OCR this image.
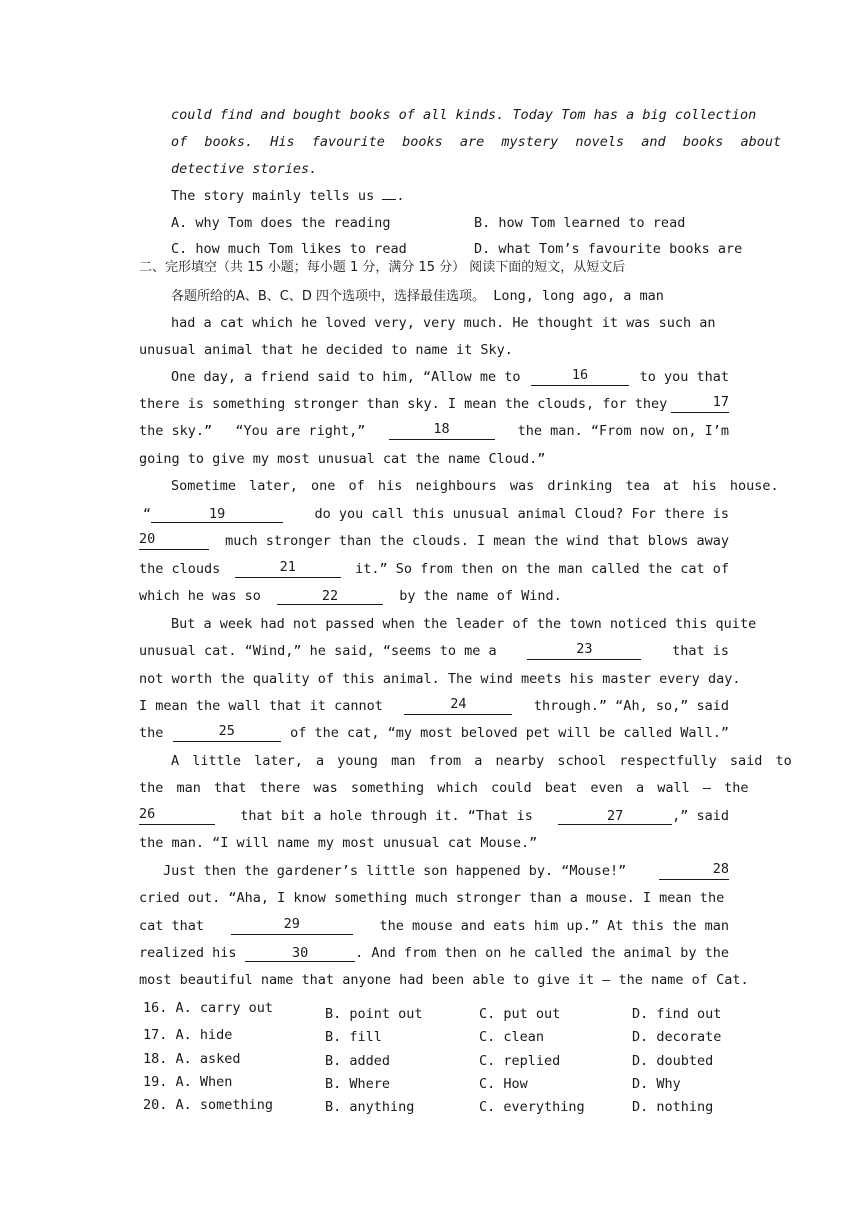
could find and bought books of all kinds. Today Tom has a big collection
of books. His favourite books are mystery novels and books about
detective stories.
The story mainly tells us .
A. why Tom does the reading	B. how Tom learned to read
C. how much Tom likes to read	D. what Tom’s favourite books are
二、完形填空（共 15 小题；每小题 1 分，满分 15 分） 阅读下面的短文，从短文后
各题所给的A、B、C、D 四个选项中，选择最佳选项。 Long, long ago, a man
had a cat which he loved very, very much. He thought it was such an
unusual animal that he decided to name it Sky.
One day, a friend said to him, “Allow me to	16	to you that
there is something stronger than sky. I mean the clouds, for they	17
the sky.” “You are right,”	18	the man. “From now on, I’m
going to give my most unusual cat the name Cloud.”
Sometime later, one of his neighbours was drinking tea at his house.
“	19	do you call this unusual animal Cloud? For there is
20	much stronger than the clouds. I mean the wind that blows away
the clouds	21	it.” So from then on the man called the cat of
which he was so	22	by the name of Wind.
But a week had not passed when the leader of the town noticed this quite
unusual cat. “Wind,” he said, “seems to me a	23	that is
not worth the quality of this animal. The wind meets his master every day.
I mean the wall that it cannot	24	through.” “Ah, so,” said
the	25	of the cat, “my most beloved pet will be called Wall.”
A little later, a young man from a nearby school respectfully said to
the man that there was something which could beat even a wall — the
26	that bit a hole through it. “That is	27	,” said
the man. “I will name my most unusual cat Mouse.”
Just then the gardener’s little son happened by. “Mouse!”	28
cried out. “Aha, I know something much stronger than a mouse. I mean the
cat that	29	the mouse and eats him up.” At this the man
realized his	30	. And from then on he called the animal by the
most beautiful name that anyone had been able to give it — the name of Cat.
16. A. carry out	B. point out	C. put out	D. find out
17. A. hide	B. fill	C. clean	D. decorate
18. A. asked	B. added	C. replied	D. doubted
19. A. When	B. Where	C. How	D. Why
20. A. something	B. anything	C. everything	D. nothing
